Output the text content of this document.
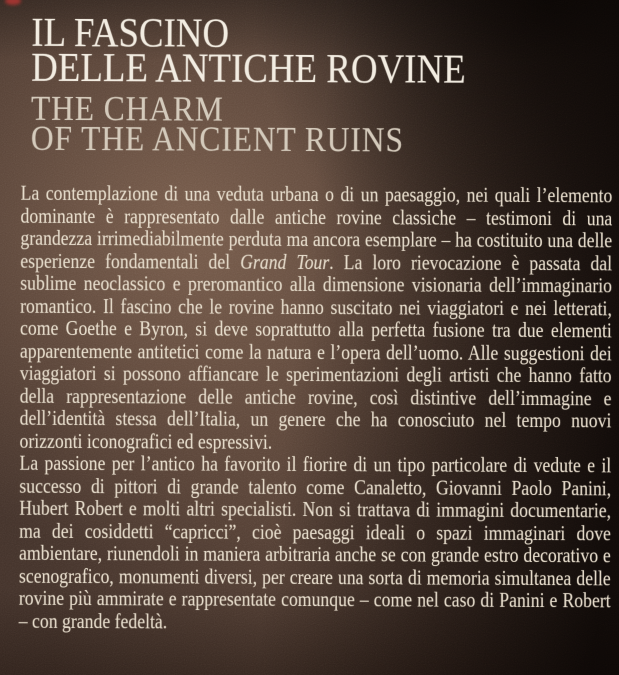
IL FASCINO
DELLE ANTICHE ROVINE
THE CHARM
OF THE ANCIENT RUINS

La contemplazione di una veduta urbana o di un paesaggio, nei quali l’elemento dominante è rappresentato dalle antiche rovine classiche – testimoni di una grandezza irrimediabilmente perduta ma ancora esemplare – ha costituito una delle esperienze fondamentali del Grand Tour. La loro rievocazione è passata dal sublime neoclassico e preromantico alla dimensione visionaria dell’immaginario romantico. Il fascino che le rovine hanno suscitato nei viaggiatori e nei letterati, come Goethe e Byron, si deve soprattutto alla perfetta fusione tra due elementi apparentemente antitetici come la natura e l’opera dell’uomo. Alle suggestioni dei viaggiatori si possono affiancare le sperimentazioni degli artisti che hanno fatto della rappresentazione delle antiche rovine, così distintive dell’immagine e dell’identità stessa dell’Italia, un genere che ha conosciuto nel tempo nuovi orizzonti iconografici ed espressivi.

La passione per l’antico ha favorito il fiorire di un tipo particolare di vedute e il successo di pittori di grande talento come Canaletto, Giovanni Paolo Panini, Hubert Robert e molti altri specialisti. Non si trattava di immagini documentarie, ma dei cosiddetti “capricci”, cioè paesaggi ideali o spazi immaginari dove ambientare, riunendoli in maniera arbitraria anche se con grande estro decorativo e scenografico, monumenti diversi, per creare una sorta di memoria simultanea delle rovine più ammirate e rappresentate comunque – come nel caso di Panini e Robert – con grande fedeltà.
